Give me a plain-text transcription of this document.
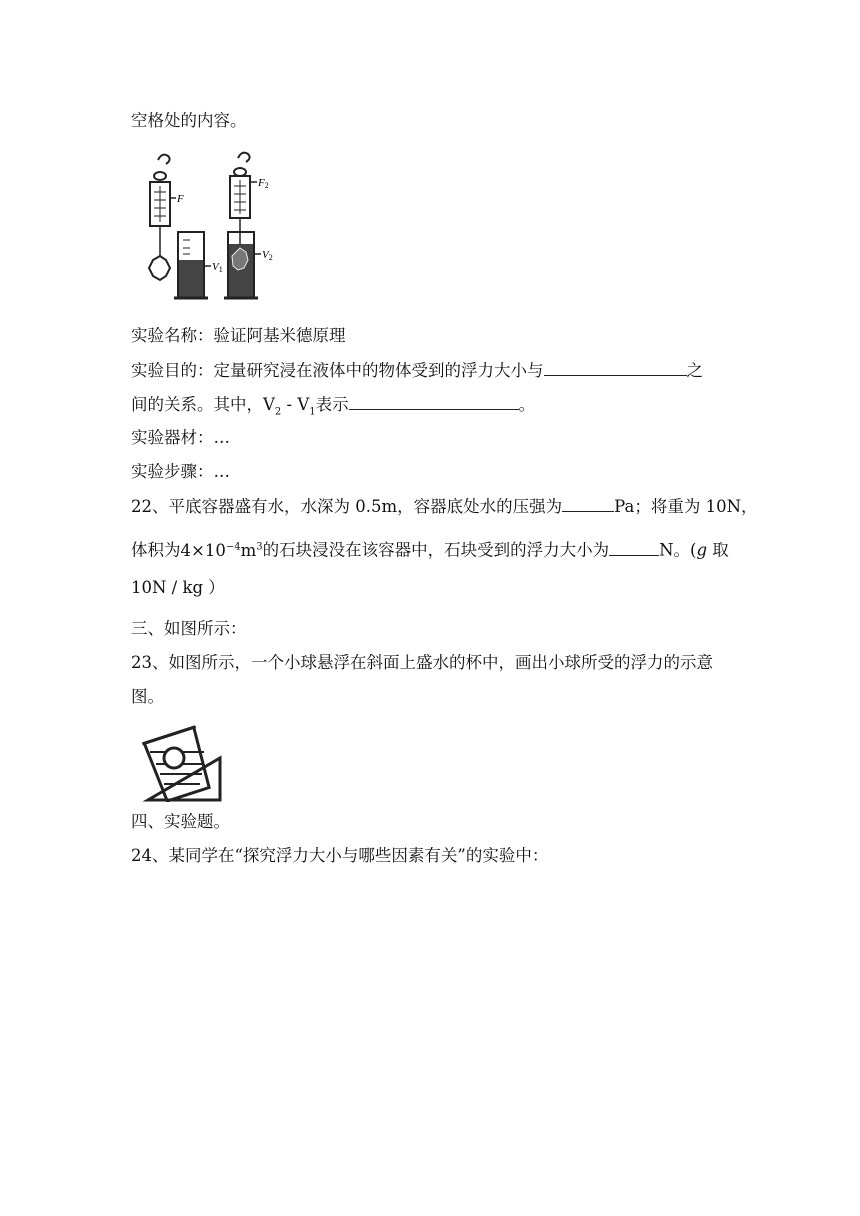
空格处的内容。
F
V1
F2
V2
实验名称：验证阿基米德原理
实验目的：定量研究浸在液体中的物体受到的浮力大小与	之
间的关系。其中，$V_2 - V_1$表示	。
实验器材：…
实验步骤：…
22、平底容器盛有水，水深为 0.5m，容器底处水的压强为	Pa；将重为 10N，
体积为$4\times 10^{-4}m^3$的石块浸没在该容器中，石块受到的浮力大小为	N。(g 取
10N / kg ）
三、如图所示：
23、如图所示，一个小球悬浮在斜面上盛水的杯中，画出小球所受的浮力的示意
图。
四、实验题。
24、某同学在“探究浮力大小与哪些因素有关”的实验中：
